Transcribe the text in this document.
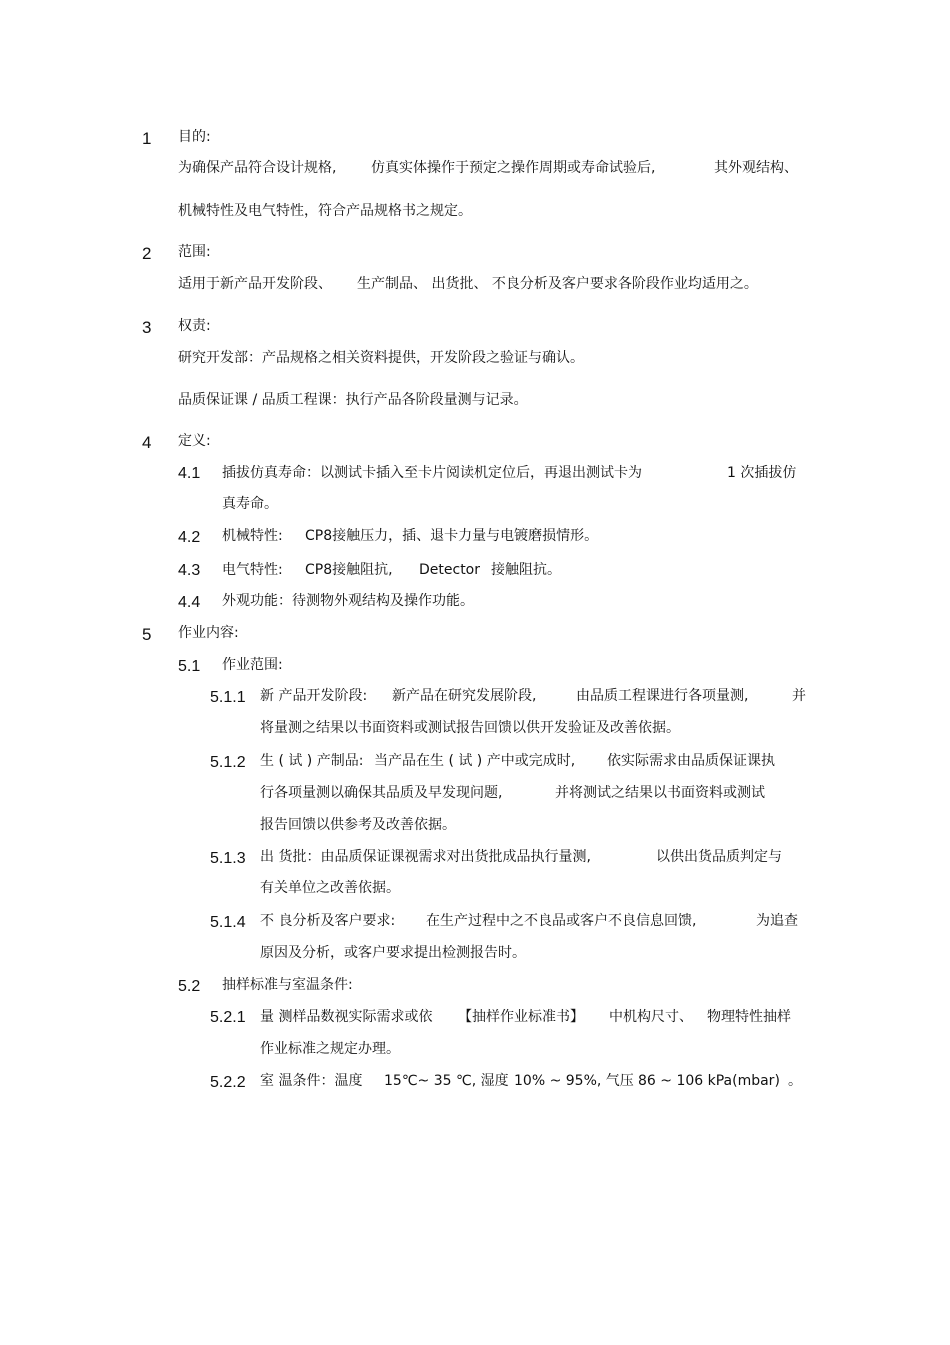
1 目的:
为确保产品符合设计规格, 仿真实体操作于预定之操作周期或寿命试验后,	其外观结构、
机械特性及电气特性，符合产品规格书之规定。
2 范围:
适用于新产品开发阶段、 生产制品、 出货批、 不良分析及客户要求各阶段作业均适用之。
3 权责:
研究开发部：产品规格之相关资料提供，开发阶段之验证与确认。
品质保证课 / 品质工程课：执行产品各阶段量测与记录。
4 定义:
4.1 插拔仿真寿命：以测试卡插入至卡片阅读机定位后，再退出测试卡为	1 次插拔仿
真寿命。
4.2 机械特性: CP8接触压力，插、退卡力量与电镀磨损情形。
4.3 电气特性: CP8接触阻抗, Detector 接触阻抗。
4.4 外观功能：待测物外观结构及操作功能。
5 作业内容:
5.1 作业范围:
5.1.1 新 产品开发阶段: 新产品在研究发展阶段,	由品质工程课进行各项量测,	并
将量测之结果以书面资料或测试报告回馈以供开发验证及改善依据。
5.1.2 生 ( 试 ) 产制品: 当产品在生 ( 试 ) 产中或完成时, 依实际需求由品质保证课执
行各项量测以确保其品质及早发现问题,	并将测试之结果以书面资料或测试
报告回馈以供参考及改善依据。
5.1.3 出 货批：由品质保证课视需求对出货批成品执行量测,	以供出货品质判定与
有关单位之改善依据。
5.1.4 不 良分析及客户要求: 在生产过程中之不良品或客户不良信息回馈,	为追查
原因及分析，或客户要求提出检测报告时。
5.2 抽样标准与室温条件:
5.2.1 量 测样品数视实际需求或依 【抽样作业标准书】 中机构尺寸、 物理特性抽样
作业标准之规定办理。
5.2.2 室 温条件：温度 15℃~ 35 ℃, 湿度 10% ~ 95%, 气压 86 ~ 106 kPa(mbar) 。
